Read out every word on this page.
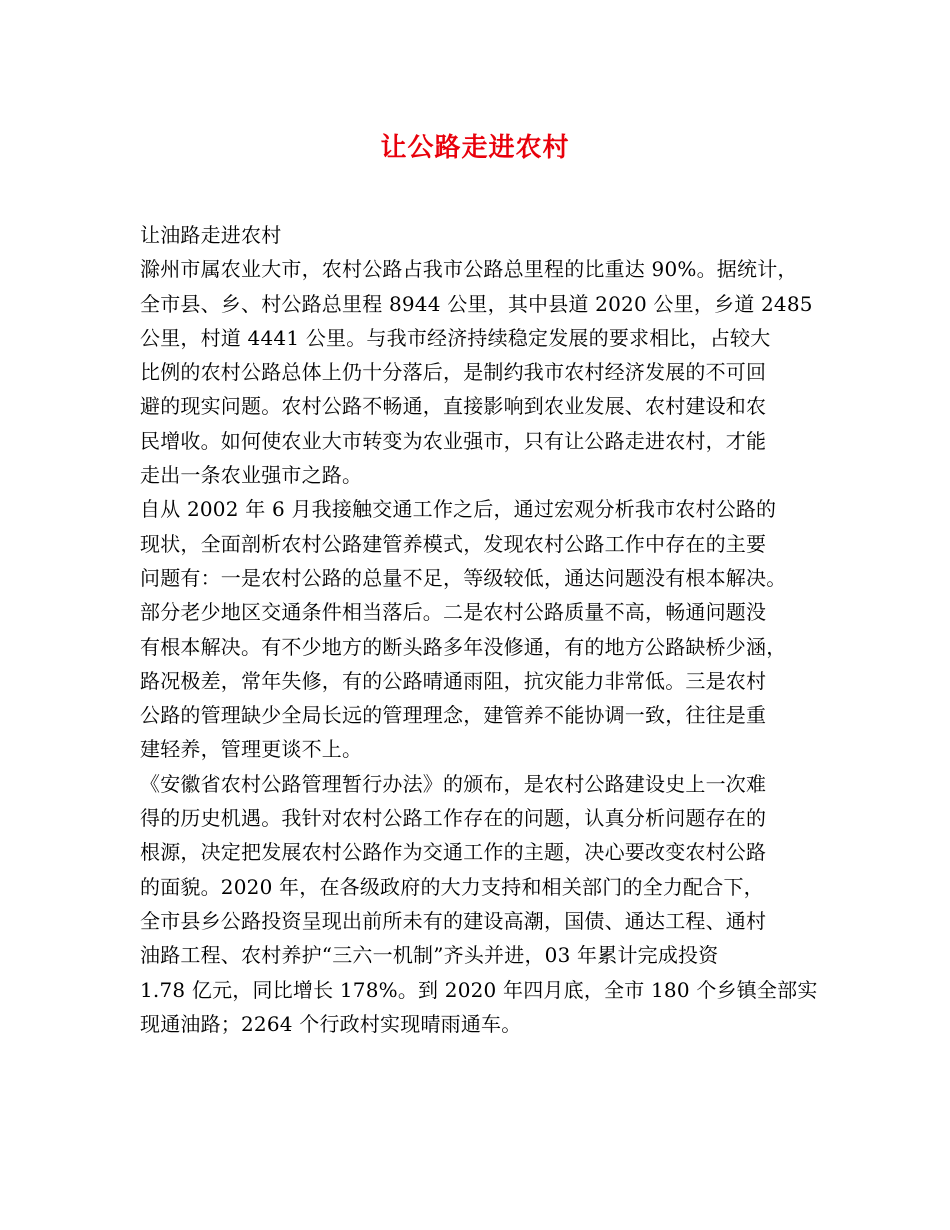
让公路走进农村
让油路走进农村
滁州市属农业大市，农村公路占我市公路总里程的比重达 90%。据统计，
全市县、乡、村公路总里程 8944 公里，其中县道 2020 公里，乡道 2485
公里，村道 4441 公里。与我市经济持续稳定发展的要求相比，占较大
比例的农村公路总体上仍十分落后，是制约我市农村经济发展的不可回
避的现实问题。农村公路不畅通，直接影响到农业发展、农村建设和农
民增收。如何使农业大市转变为农业强市，只有让公路走进农村，才能
走出一条农业强市之路。
自从 2002 年 6 月我接触交通工作之后，通过宏观分析我市农村公路的
现状，全面剖析农村公路建管养模式，发现农村公路工作中存在的主要
问题有：一是农村公路的总量不足，等级较低，通达问题没有根本解决。
部分老少地区交通条件相当落后。二是农村公路质量不高，畅通问题没
有根本解决。有不少地方的断头路多年没修通，有的地方公路缺桥少涵，
路况极差，常年失修，有的公路晴通雨阻，抗灾能力非常低。三是农村
公路的管理缺少全局长远的管理理念，建管养不能协调一致，往往是重
建轻养，管理更谈不上。
《安徽省农村公路管理暂行办法》的颁布，是农村公路建设史上一次难
得的历史机遇。我针对农村公路工作存在的问题，认真分析问题存在的
根源，决定把发展农村公路作为交通工作的主题，决心要改变农村公路
的面貌。2020 年，在各级政府的大力支持和相关部门的全力配合下，
全市县乡公路投资呈现出前所未有的建设高潮，国债、通达工程、通村
油路工程、农村养护“三六一机制”齐头并进，03 年累计完成投资
1.78 亿元，同比增长 178%。到 2020 年四月底，全市 180 个乡镇全部实
现通油路；2264 个行政村实现晴雨通车。
